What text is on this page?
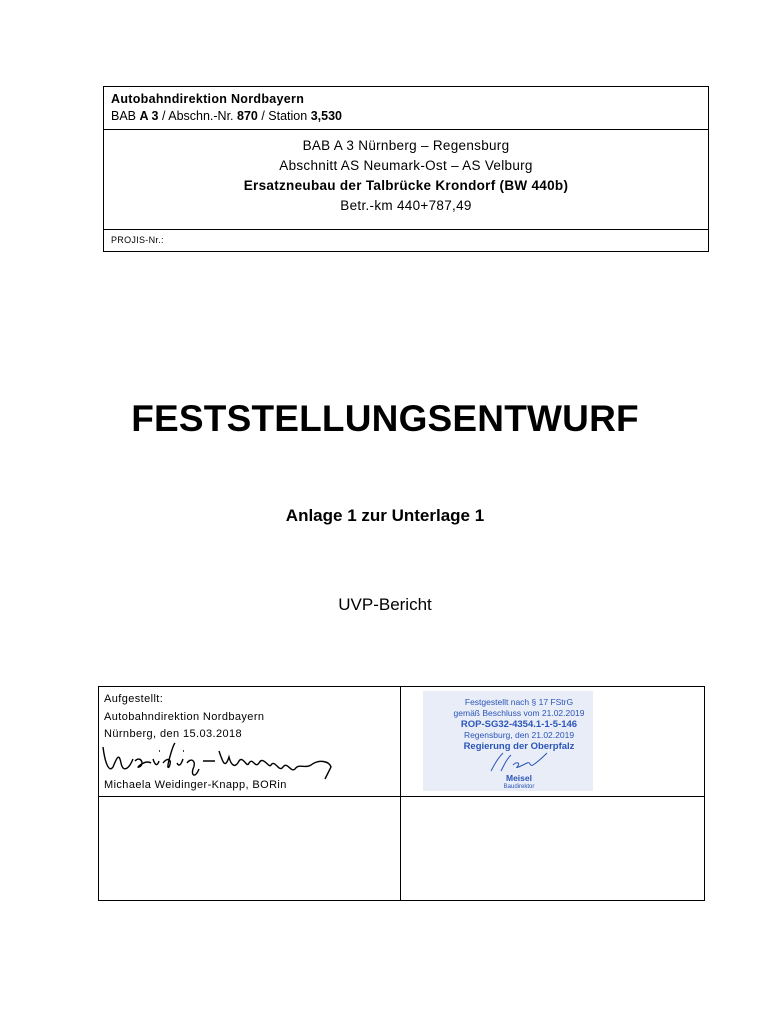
Autobahndirektion Nordbayern
BAB A 3 / Abschn.-Nr. 870 / Station 3,530
BAB A 3 Nürnberg – Regensburg
Abschnitt AS Neumark-Ost – AS Velburg
Ersatzneubau der Talbrücke Krondorf (BW 440b)
Betr.-km 440+787,49
PROJIS-Nr.:
FESTSTELLUNGSENTWURF
Anlage 1 zur Unterlage 1
UVP-Bericht
Aufgestellt:
Autobahndirektion Nordbayern
Nürnberg, den 15.03.2018
Michaela Weidinger-Knapp, BORin
Festgestellt nach § 17 FStrG
gemäß Beschluss vom 21.02.2019
ROP-SG32-4354.1-1-5-146
Regensburg, den 21.02.2019
Regierung der Oberpfalz
Meisel
Baudirektor
